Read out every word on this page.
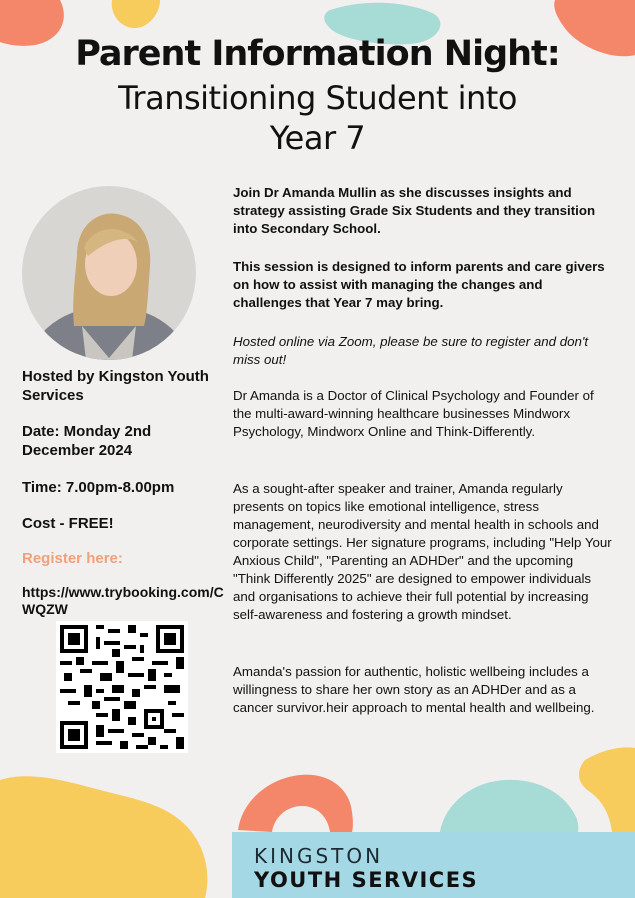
Parent Information Night:
Transitioning Student into
Year 7
Hosted by Kingston Youth Services
Date: Monday 2nd December 2024
Time: 7.00pm-8.00pm
Cost - FREE!
Register here:
https://www.trybooking.com/CWQZW
Join Dr Amanda Mullin as she discusses insights and strategy assisting Grade Six Students and they transition into Secondary School.
This session is designed to inform parents and care givers on how to assist with managing the changes and challenges that Year 7 may bring.
Hosted online via Zoom, please be sure to register and don't miss out!
Dr Amanda is a Doctor of Clinical Psychology and Founder of the multi-award-winning healthcare businesses Mindworx Psychology, Mindworx Online and Think-Differently.
As a sought-after speaker and trainer, Amanda regularly presents on topics like emotional intelligence, stress management, neurodiversity and mental health in schools and corporate settings. Her signature programs, including "Help Your Anxious Child", "Parenting an ADHDer" and the upcoming "Think Differently 2025" are designed to empower individuals and organisations to achieve their full potential by increasing self-awareness and fostering a growth mindset.
Amanda's passion for authentic, holistic wellbeing includes a willingness to share her own story as an ADHDer and as a cancer survivor.heir approach to mental health and wellbeing.
KINGSTON
YOUTH SERVICES
